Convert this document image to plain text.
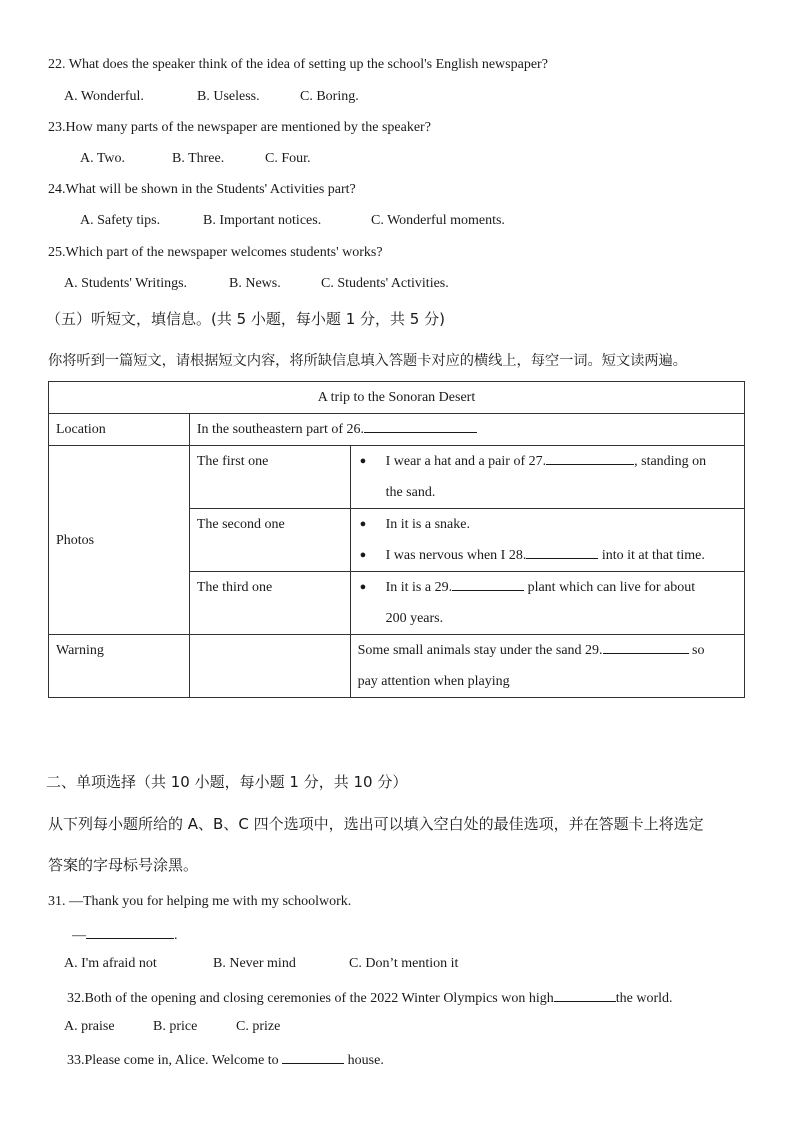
22. What does the speaker think of the idea of setting up the school's English newspaper?
A. Wonderful.	B. Useless.	C. Boring.
23.How many parts of the newspaper are mentioned by the speaker?
A. Two.	B. Three.	C. Four.
24.What will be shown in the Students' Activities part?
A. Safety tips.	B. Important notices.	C. Wonderful moments.
25.Which part of the newspaper welcomes students' works?
A. Students' Writings.	B. News.	C. Students' Activities.
（五）听短文，填信息。(共 5 小题，每小题 1 分，共 5 分)
你将听到一篇短文，请根据短文内容，将所缺信息填入答题卡对应的横线上，每空一词。短文读两遍。
A trip to the Sonoran Desert		
Location	In the southeastern part of 26.	
Photos	The first one	● I wear a hat and a pair of 27. , standing on
the sand.

	The second one	● In it is a snake.
● I was nervous when I 28. into it at that time.

	The third one	● In it is a 29. plant which can live for about
200 years.

Warning		Some small animals stay under the sand 29. so
pay attention when playing
二、单项选择（共 10 小题，每小题 1 分，共 10 分）
从下列每小题所给的 A、B、C 四个选项中，选出可以填入空白处的最佳选项，并在答题卡上将选定
答案的字母标号涂黑。
31. —Thank you for helping me with my schoolwork.
—	.
A. I'm afraid not	B. Never mind	C. Don’t mention it
32.Both of the opening and closing ceremonies of the 2022 Winter Olympics won high	the world.
A. praise	B. price	C. prize
33.Please come in, Alice. Welcome to	house.
